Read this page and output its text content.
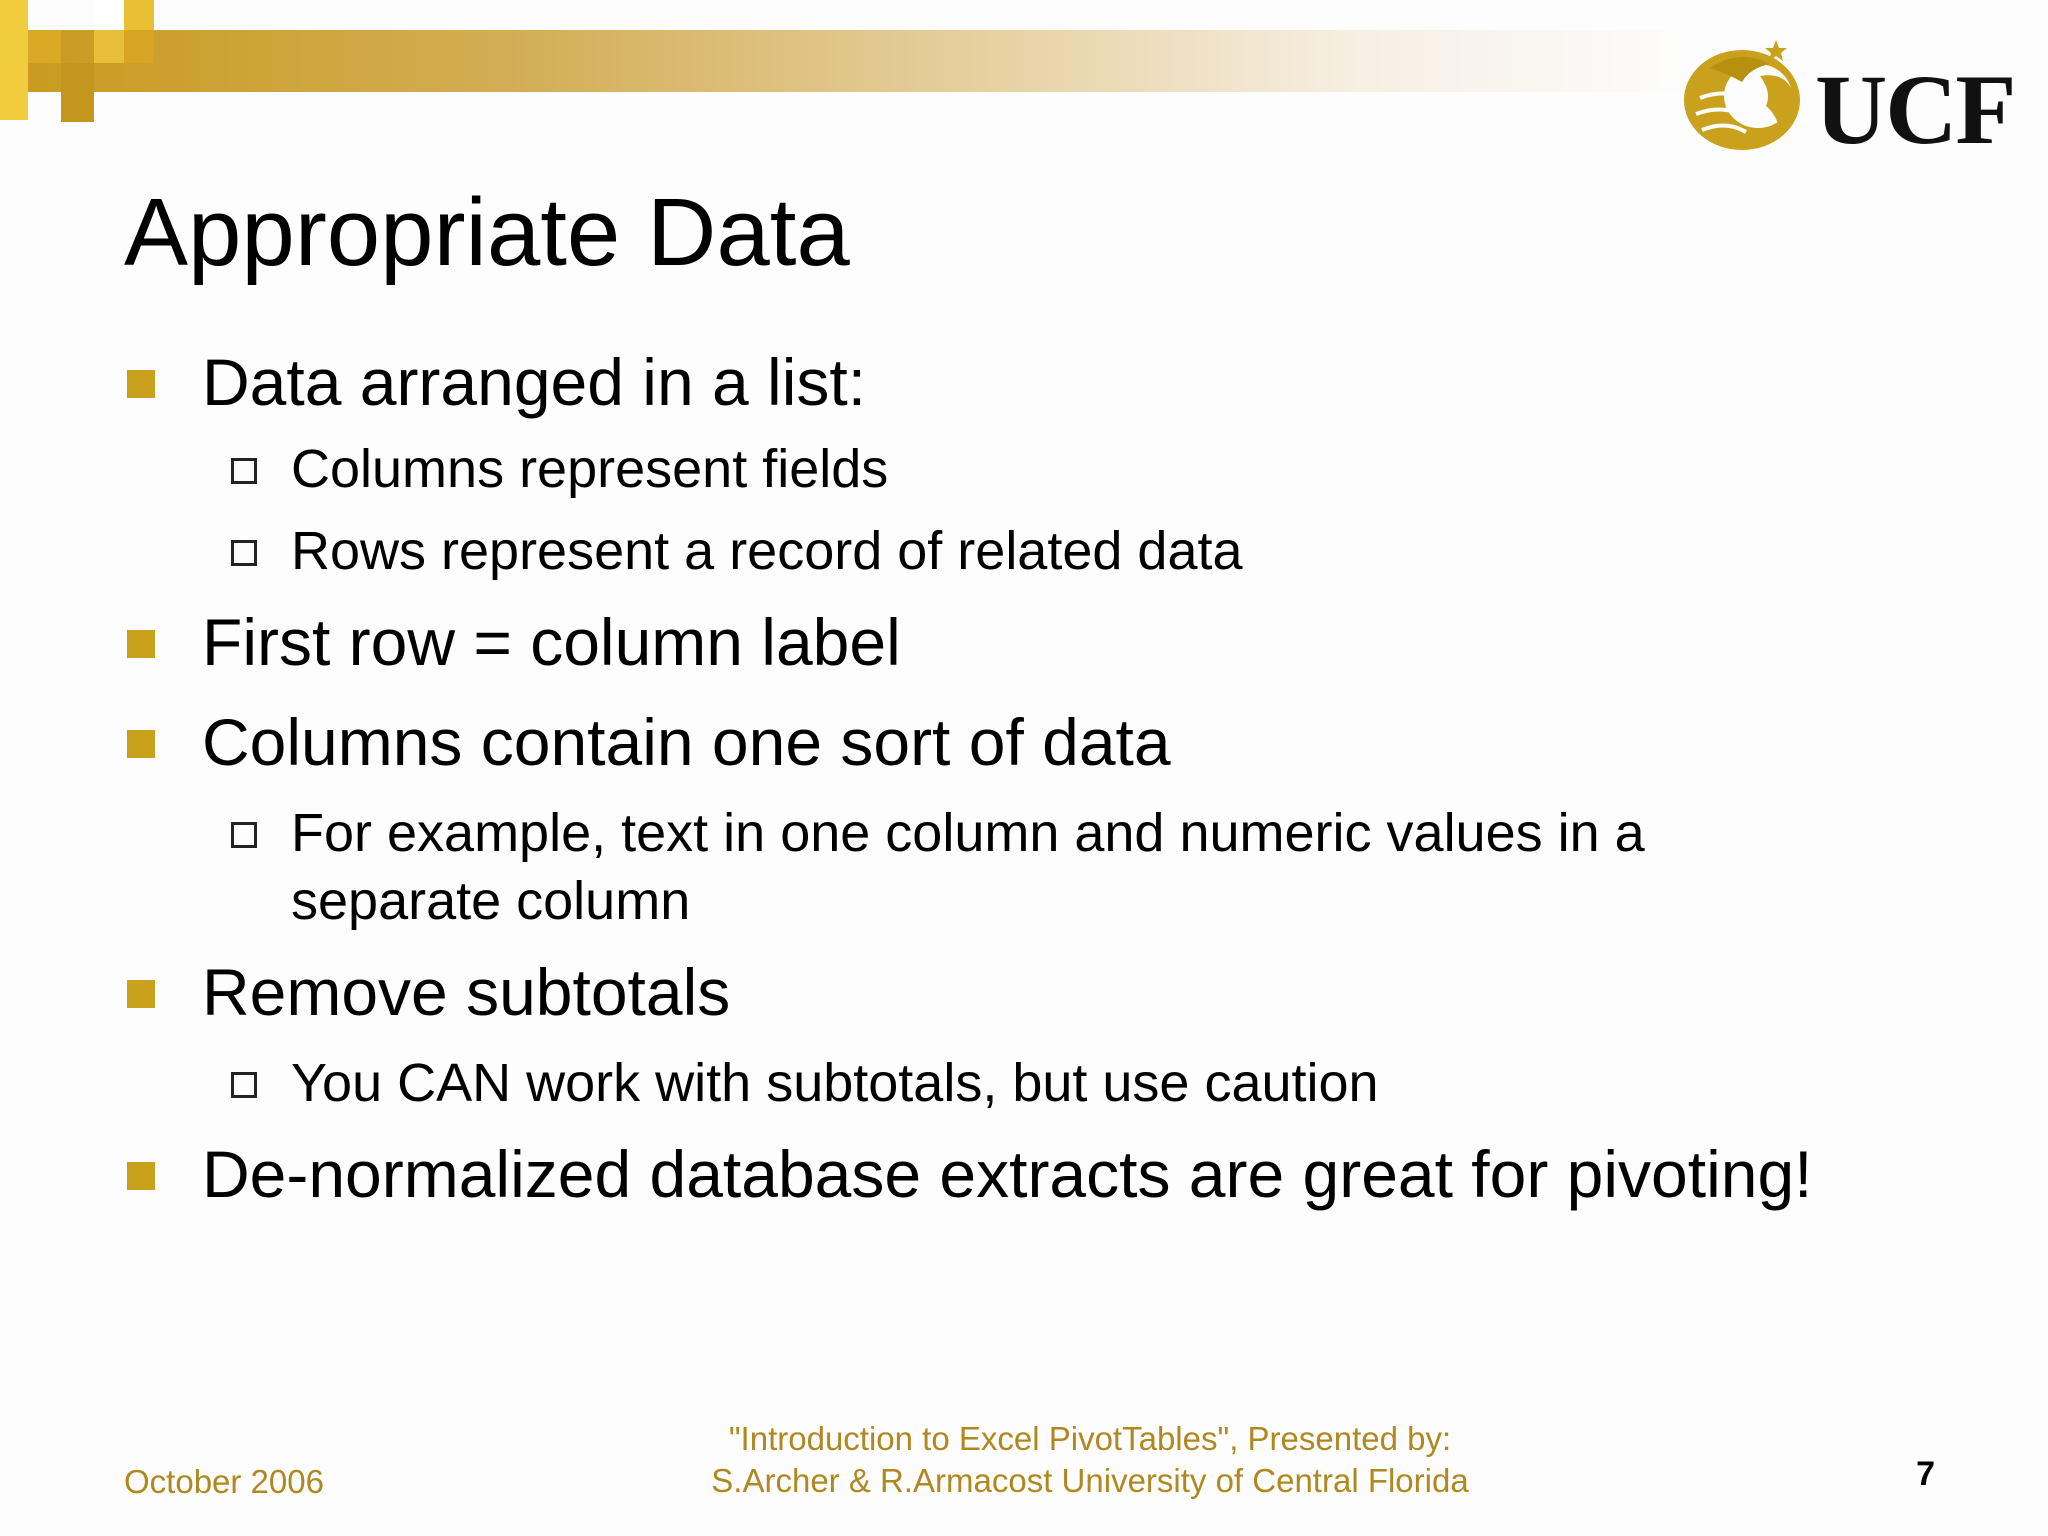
UCF
Appropriate Data
Data arranged in a list:
Columns represent fields
Rows represent a record of related data
First row = column label
Columns contain one sort of data
For example, text in one column and numeric values in a
separate column
Remove subtotals
You CAN work with subtotals, but use caution
De-normalized database extracts are great for pivoting!
October 2006
"Introduction to Excel PivotTables", Presented by:
S.Archer & R.Armacost University of Central Florida	7
